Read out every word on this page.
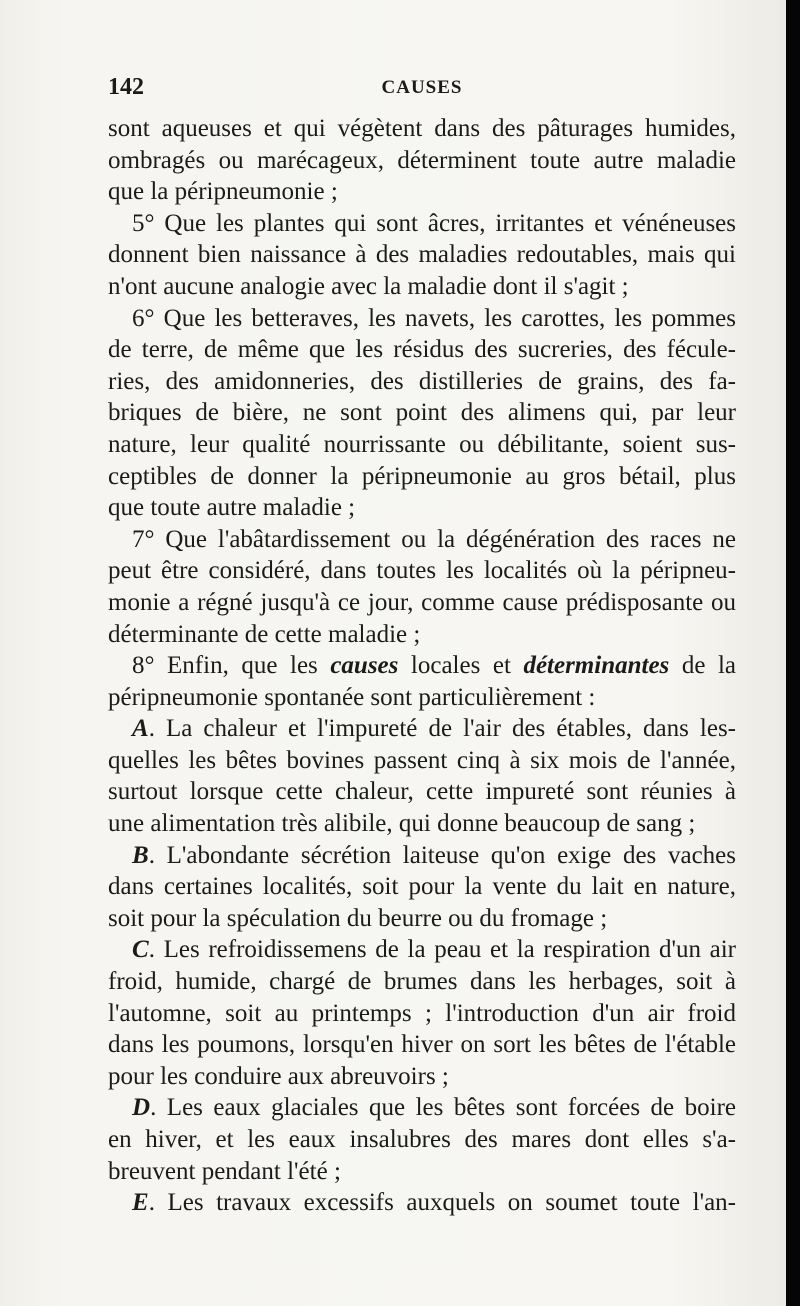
142	CAUSES
sont aqueuses et qui végètent dans des pâturages humides,
ombragés ou marécageux, déterminent toute autre maladie
que la péripneumonie ;
5° Que les plantes qui sont âcres, irritantes et vénéneuses
donnent bien naissance à des maladies redoutables, mais qui
n'ont aucune analogie avec la maladie dont il s'agit ;
6° Que les betteraves, les navets, les carottes, les pommes
de terre, de même que les résidus des sucreries, des fécule-
ries, des amidonneries, des distilleries de grains, des fa-
briques de bière, ne sont point des alimens qui, par leur
nature, leur qualité nourrissante ou débilitante, soient sus-
ceptibles de donner la péripneumonie au gros bétail, plus
que toute autre maladie ;
7° Que l'abâtardissement ou la dégénération des races ne
peut être considéré, dans toutes les localités où la péripneu-
monie a régné jusqu'à ce jour, comme cause prédisposante ou
déterminante de cette maladie ;
8° Enfin, que les causes locales et déterminantes de la
péripneumonie spontanée sont particulièrement :
A. La chaleur et l'impureté de l'air des étables, dans les-
quelles les bêtes bovines passent cinq à six mois de l'année,
surtout lorsque cette chaleur, cette impureté sont réunies à
une alimentation très alibile, qui donne beaucoup de sang ;
B. L'abondante sécrétion laiteuse qu'on exige des vaches
dans certaines localités, soit pour la vente du lait en nature,
soit pour la spéculation du beurre ou du fromage ;
C. Les refroidissemens de la peau et la respiration d'un air
froid, humide, chargé de brumes dans les herbages, soit à
l'automne, soit au printemps ; l'introduction d'un air froid
dans les poumons, lorsqu'en hiver on sort les bêtes de l'étable
pour les conduire aux abreuvoirs ;
D. Les eaux glaciales que les bêtes sont forcées de boire
en hiver, et les eaux insalubres des mares dont elles s'a-
breuvent pendant l'été ;
E. Les travaux excessifs auxquels on soumet toute l'an-
